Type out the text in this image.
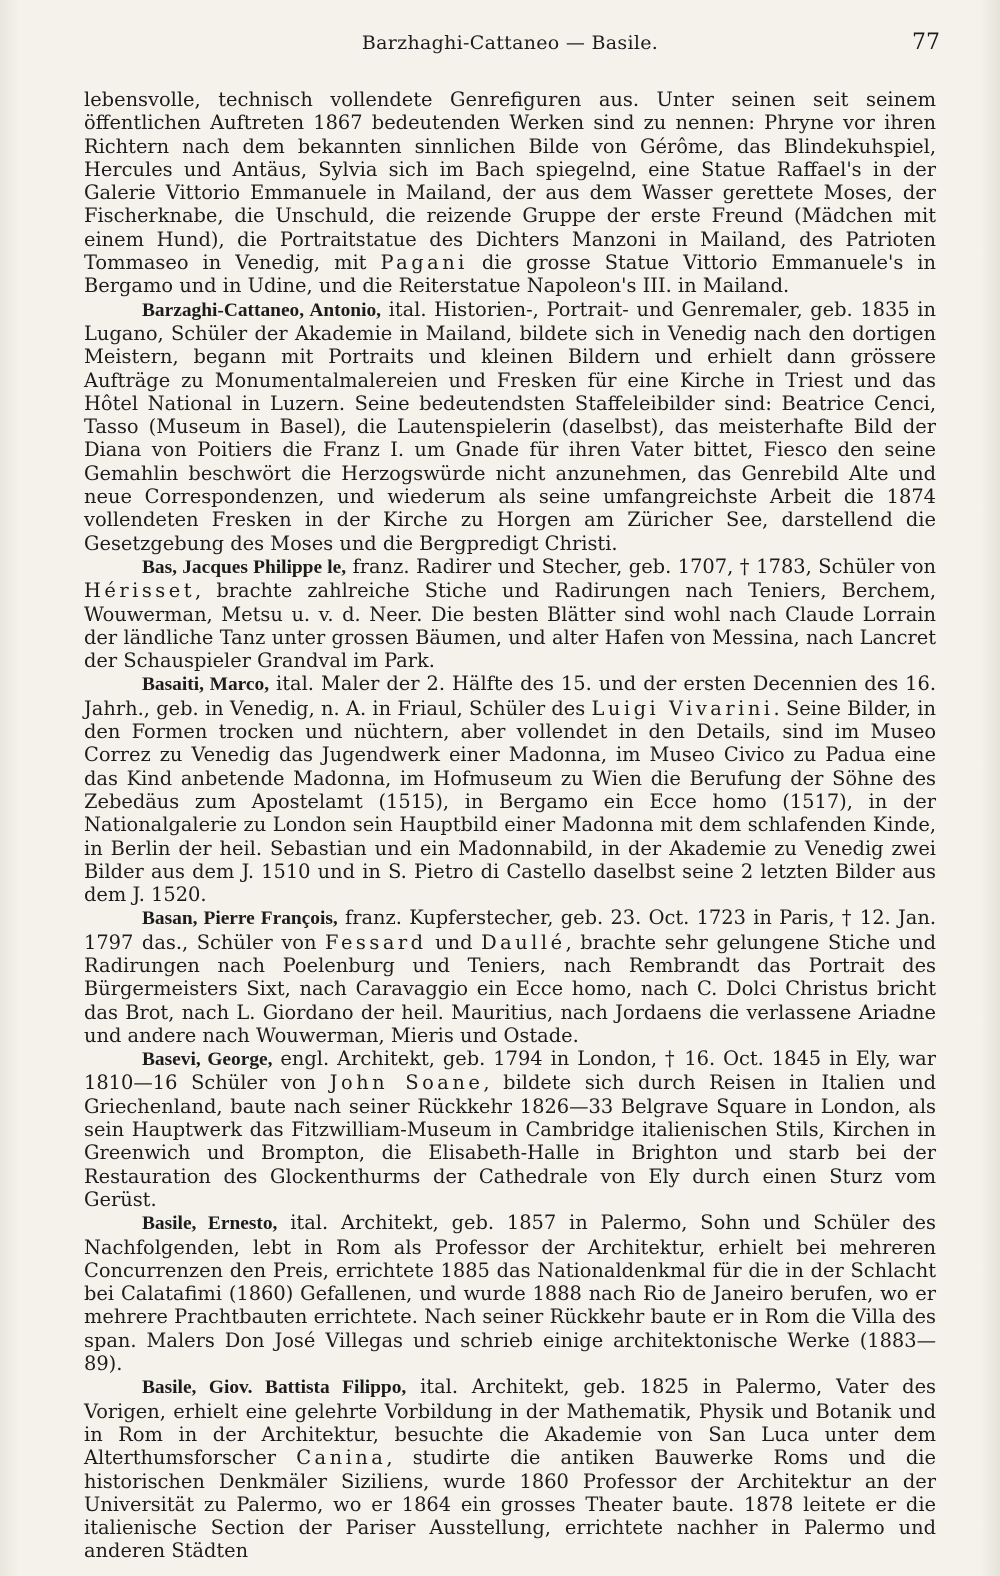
Barzhaghi-Cattaneo — Basile.	77

lebensvolle, technisch vollendete Genrefiguren aus. Unter seinen seit seinem öffentlichen Auftreten 1867 bedeutenden Werken sind zu nennen: Phryne vor ihren Richtern nach dem bekannten sinnlichen Bilde von Gérôme, das Blindekuhspiel, Hercules und Antäus, Sylvia sich im Bach spiegelnd, eine Statue Raffael's in der Galerie Vittorio Emmanuele in Mailand, der aus dem Wasser gerettete Moses, der Fischerknabe, die Unschuld, die reizende Gruppe der erste Freund (Mädchen mit einem Hund), die Portraitstatue des Dichters Manzoni in Mailand, des Patrioten Tommaseo in Venedig, mit Pagani die grosse Statue Vittorio Emmanuele's in Bergamo und in Udine, und die Reiterstatue Napoleon's III. in Mailand.

Barzaghi-Cattaneo, Antonio, ital. Historien-, Portrait- und Genremaler, geb. 1835 in Lugano, Schüler der Akademie in Mailand, bildete sich in Venedig nach den dortigen Meistern, begann mit Portraits und kleinen Bildern und erhielt dann grössere Aufträge zu Monumentalmalereien und Fresken für eine Kirche in Triest und das Hôtel National in Luzern. Seine bedeutendsten Staffeleibilder sind: Beatrice Cenci, Tasso (Museum in Basel), die Lautenspielerin (daselbst), das meisterhafte Bild der Diana von Poitiers die Franz I. um Gnade für ihren Vater bittet, Fiesco den seine Gemahlin beschwört die Herzogswürde nicht anzunehmen, das Genrebild Alte und neue Correspondenzen, und wiederum als seine umfangreichste Arbeit die 1874 vollendeten Fresken in der Kirche zu Horgen am Züricher See, darstellend die Gesetzgebung des Moses und die Bergpredigt Christi.

Bas, Jacques Philippe le, franz. Radirer und Stecher, geb. 1707, † 1783, Schüler von Hérisset, brachte zahlreiche Stiche und Radirungen nach Teniers, Berchem, Wouwerman, Metsu u. v. d. Neer. Die besten Blätter sind wohl nach Claude Lorrain der ländliche Tanz unter grossen Bäumen, und alter Hafen von Messina, nach Lancret der Schauspieler Grandval im Park.

Basaiti, Marco, ital. Maler der 2. Hälfte des 15. und der ersten Decennien des 16. Jahrh., geb. in Venedig, n. A. in Friaul, Schüler des Luigi Vivarini. Seine Bilder, in den Formen trocken und nüchtern, aber vollendet in den Details, sind im Museo Correz zu Venedig das Jugendwerk einer Madonna, im Museo Civico zu Padua eine das Kind anbetende Madonna, im Hofmuseum zu Wien die Berufung der Söhne des Zebedäus zum Apostelamt (1515), in Bergamo ein Ecce homo (1517), in der Nationalgalerie zu London sein Hauptbild einer Madonna mit dem schlafenden Kinde, in Berlin der heil. Sebastian und ein Madonnabild, in der Akademie zu Venedig zwei Bilder aus dem J. 1510 und in S. Pietro di Castello daselbst seine 2 letzten Bilder aus dem J. 1520.

Basan, Pierre François, franz. Kupferstecher, geb. 23. Oct. 1723 in Paris, † 12. Jan. 1797 das., Schüler von Fessard und Daullé, brachte sehr gelungene Stiche und Radirungen nach Poelenburg und Teniers, nach Rembrandt das Portrait des Bürgermeisters Sixt, nach Caravaggio ein Ecce homo, nach C. Dolci Christus bricht das Brot, nach L. Giordano der heil. Mauritius, nach Jordaens die verlassene Ariadne und andere nach Wouwerman, Mieris und Ostade.

Basevi, George, engl. Architekt, geb. 1794 in London, † 16. Oct. 1845 in Ely, war 1810—16 Schüler von John Soane, bildete sich durch Reisen in Italien und Griechenland, baute nach seiner Rückkehr 1826—33 Belgrave Square in London, als sein Hauptwerk das Fitzwilliam-Museum in Cambridge italienischen Stils, Kirchen in Greenwich und Brompton, die Elisabeth-Halle in Brighton und starb bei der Restauration des Glockenthurms der Cathedrale von Ely durch einen Sturz vom Gerüst.

Basile, Ernesto, ital. Architekt, geb. 1857 in Palermo, Sohn und Schüler des Nachfolgenden, lebt in Rom als Professor der Architektur, erhielt bei mehreren Concurrenzen den Preis, errichtete 1885 das Nationaldenkmal für die in der Schlacht bei Calatafimi (1860) Gefallenen, und wurde 1888 nach Rio de Janeiro berufen, wo er mehrere Prachtbauten errichtete. Nach seiner Rückkehr baute er in Rom die Villa des span. Malers Don José Villegas und schrieb einige architektonische Werke (1883—89).

Basile, Giov. Battista Filippo, ital. Architekt, geb. 1825 in Palermo, Vater des Vorigen, erhielt eine gelehrte Vorbildung in der Mathematik, Physik und Botanik und in Rom in der Architektur, besuchte die Akademie von San Luca unter dem Alterthumsforscher Canina, studirte die antiken Bauwerke Roms und die historischen Denkmäler Siziliens, wurde 1860 Professor der Architektur an der Universität zu Palermo, wo er 1864 ein grosses Theater baute. 1878 leitete er die italienische Section der Pariser Ausstellung, errichtete nachher in Palermo und anderen Städten
